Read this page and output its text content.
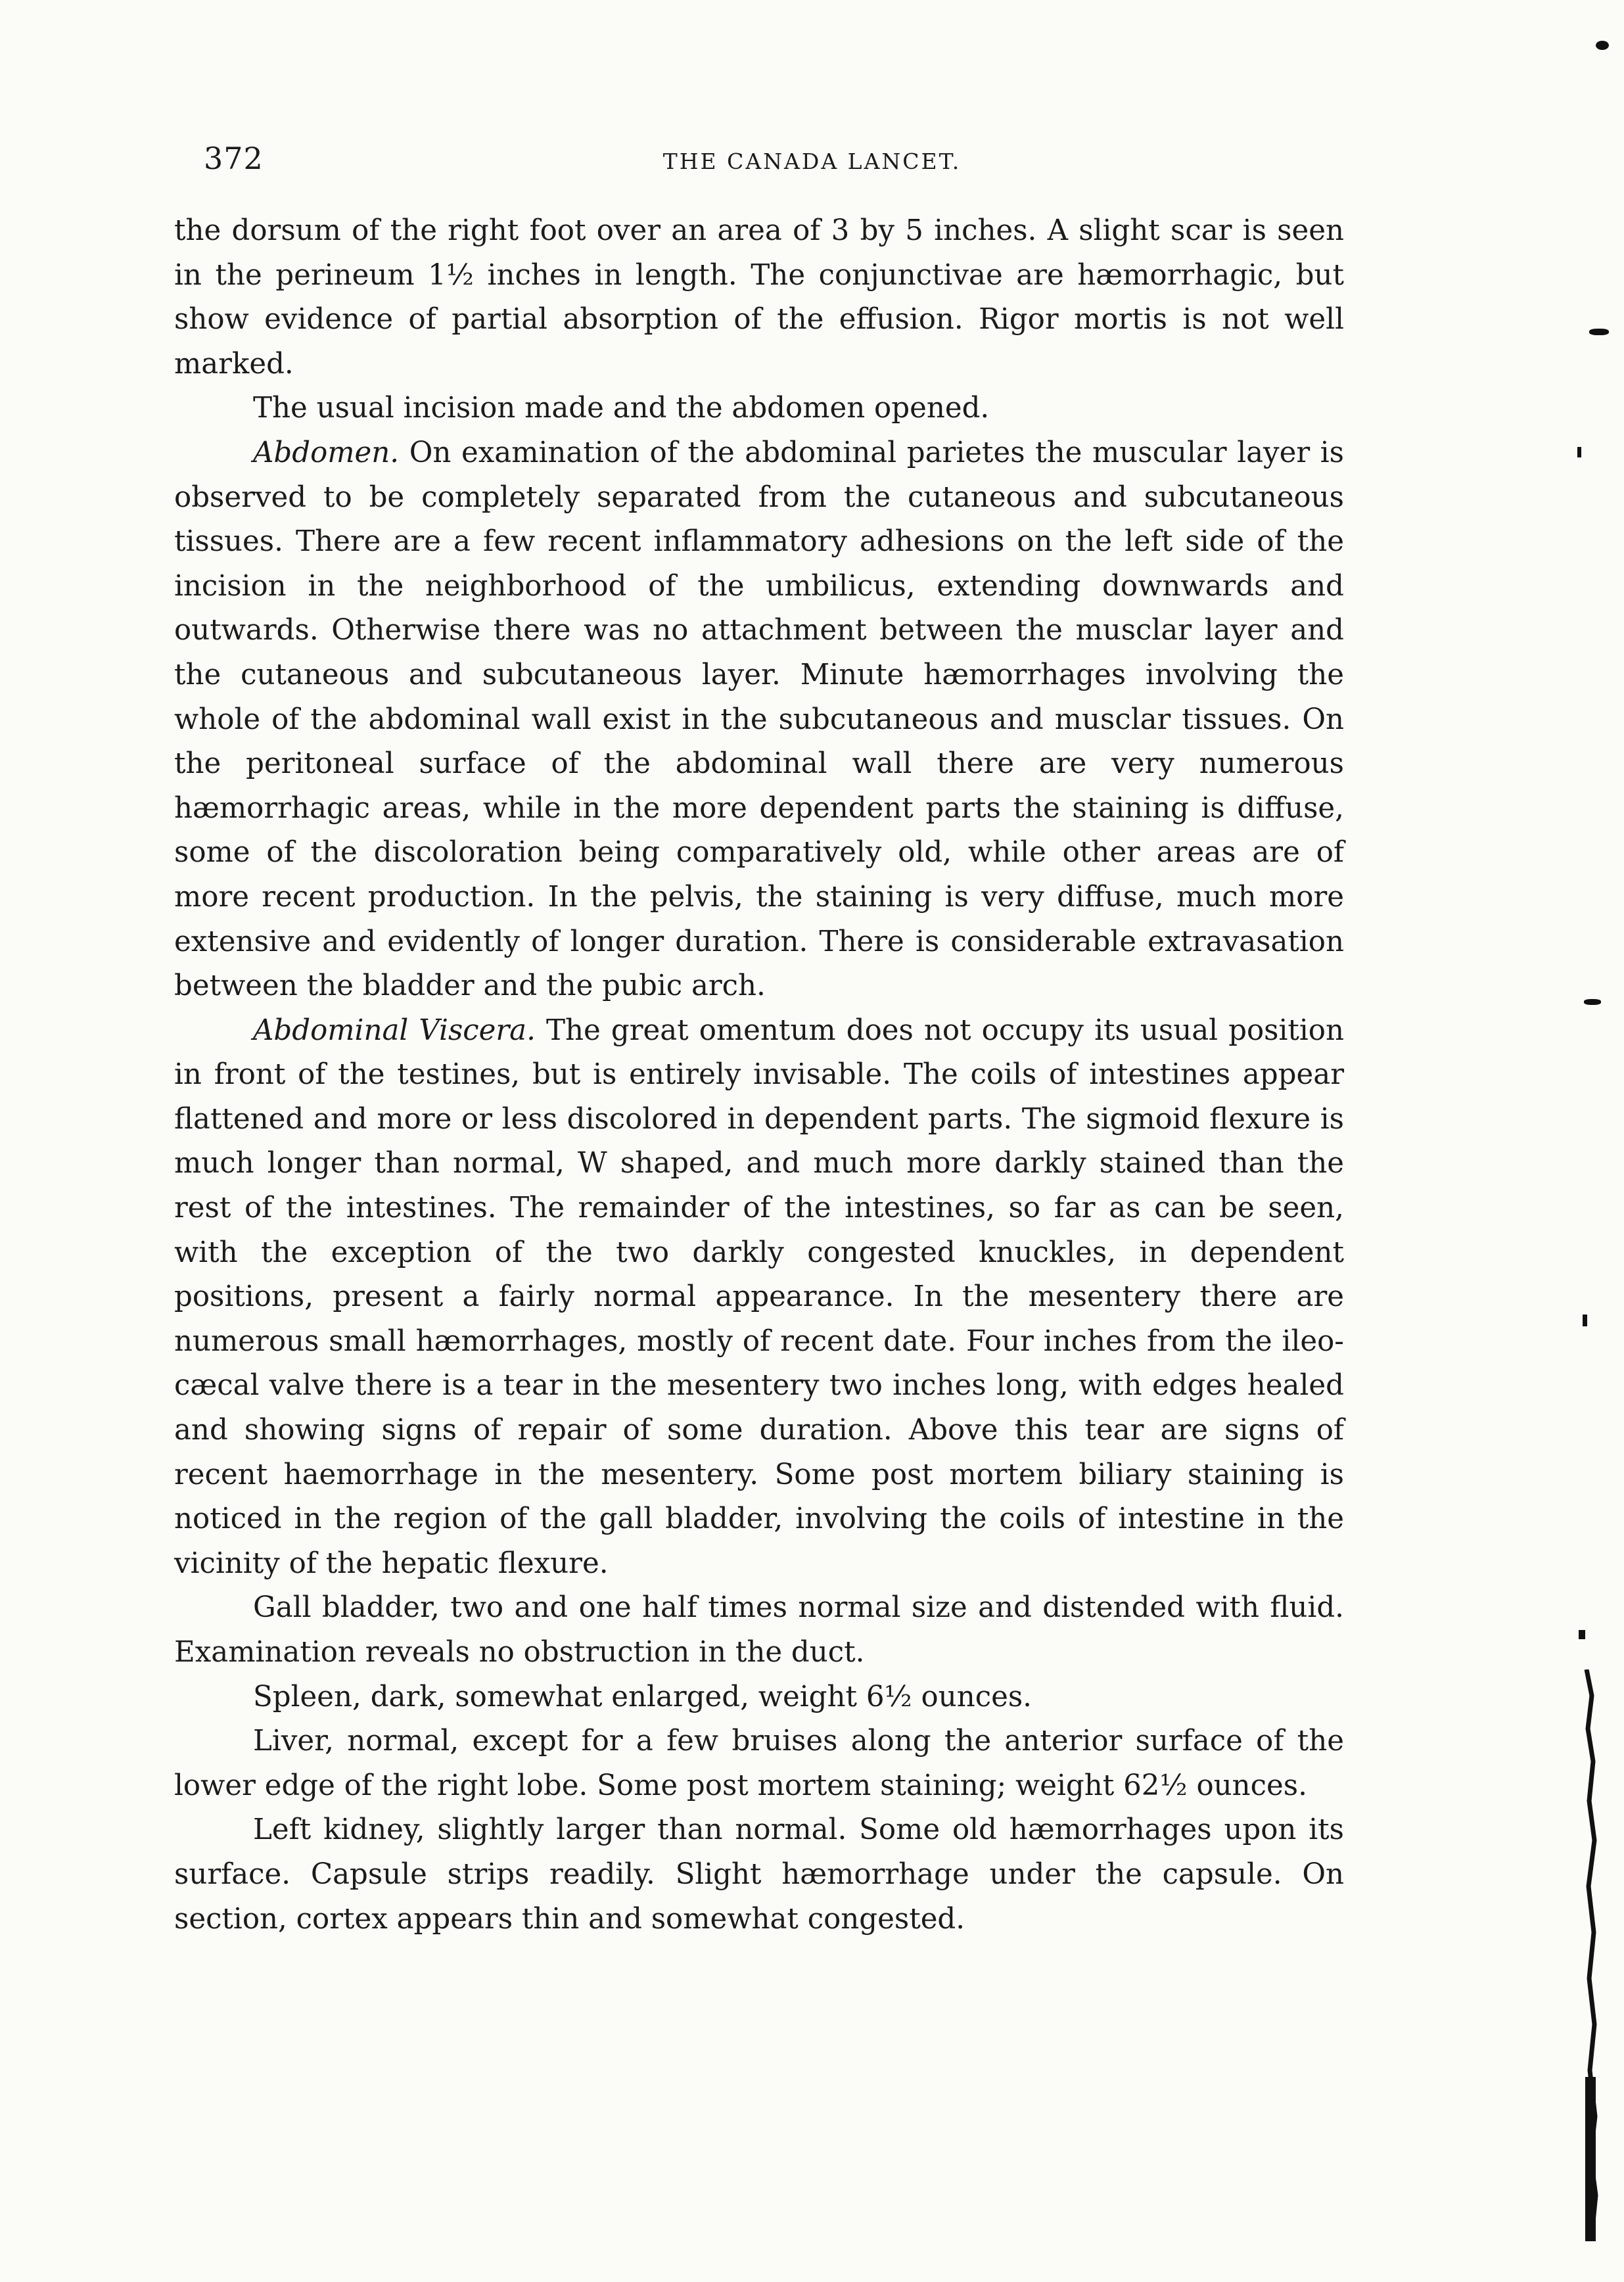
372	THE CANADA LANCET.

the dorsum of the right foot over an area of 3 by 5 inches. A slight scar is seen in the perineum 1½ inches in length. The conjunctivae are hæmorrhagic, but show evidence of partial absorption of the effusion. Rigor mortis is not well marked.

The usual incision made and the abdomen opened.

Abdomen. On examination of the abdominal parietes the muscular layer is observed to be completely separated from the cutaneous and subcutaneous tissues. There are a few recent inflammatory adhesions on the left side of the incision in the neighborhood of the umbilicus, extending downwards and outwards. Otherwise there was no attachment between the musclar layer and the cutaneous and subcutaneous layer. Minute hæmorrhages involving the whole of the abdominal wall exist in the subcutaneous and musclar tissues. On the peritoneal surface of the abdominal wall there are very numerous hæmorrhagic areas, while in the more dependent parts the staining is diffuse, some of the discoloration being comparatively old, while other areas are of more recent production. In the pelvis, the staining is very diffuse, much more extensive and evidently of longer duration. There is considerable extravasation between the bladder and the pubic arch.

Abdominal Viscera. The great omentum does not occupy its usual position in front of the testines, but is entirely invisable. The coils of intestines appear flattened and more or less discolored in dependent parts. The sigmoid flexure is much longer than normal, W shaped, and much more darkly stained than the rest of the intestines. The remainder of the intestines, so far as can be seen, with the exception of the two darkly congested knuckles, in dependent positions, present a fairly normal appearance. In the mesentery there are numerous small hæmorrhages, mostly of recent date. Four inches from the ileo-cæcal valve there is a tear in the mesentery two inches long, with edges healed and showing signs of repair of some duration. Above this tear are signs of recent haemorrhage in the mesentery. Some post mortem biliary staining is noticed in the region of the gall bladder, involving the coils of intestine in the vicinity of the hepatic flexure.

Gall bladder, two and one half times normal size and distended with fluid. Examination reveals no obstruction in the duct.

Spleen, dark, somewhat enlarged, weight 6½ ounces.

Liver, normal, except for a few bruises along the anterior surface of the lower edge of the right lobe. Some post mortem staining; weight 62½ ounces.

Left kidney, slightly larger than normal. Some old hæmorrhages upon its surface. Capsule strips readily. Slight hæmorrhage under the capsule. On section, cortex appears thin and somewhat congested.
